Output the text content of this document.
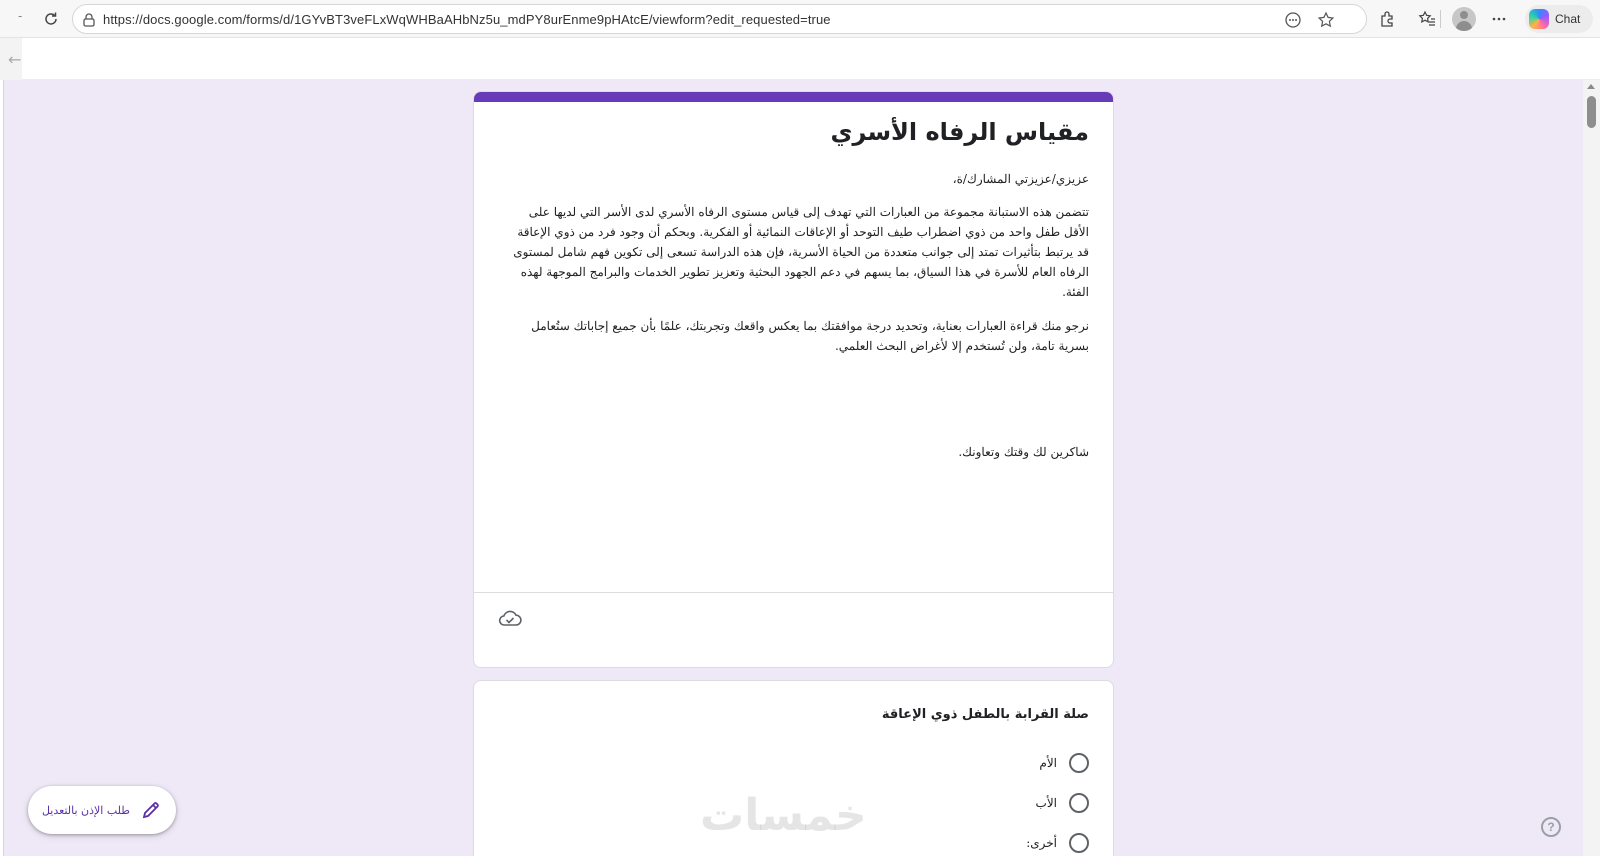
-	https://docs.google.com/forms/d/1GYvBT3veFLxWqWHBaAHbNz5u_mdPY8urEnme9pHAtcE/viewform?edit_requested=true	Chat
←
مقياس الرفاه الأسري
عزيزي/عزيزتي المشارك/ة،
تتضمن هذه الاستبانة مجموعة من العبارات التي تهدف إلى قياس مستوى الرفاه الأسري لدى الأسر التي لديها على الأقل طفل واحد من ذوي اضطراب طيف التوحد أو الإعاقات النمائية أو الفكرية. وبحكم أن وجود فرد من ذوي الإعاقة قد يرتبط بتأثيرات تمتد إلى جوانب متعددة من الحياة الأسرية، فإن هذه الدراسة تسعى إلى تكوين فهم شامل لمستوى الرفاه العام للأسرة في هذا السياق، بما يسهم في دعم الجهود البحثية وتعزيز تطوير الخدمات والبرامج الموجهة لهذه الفئة.
نرجو منك قراءة العبارات بعناية، وتحديد درجة موافقتك بما يعكس واقعك وتجربتك، علمًا بأن جميع إجاباتك ستُعامل بسرية تامة، ولن تُستخدم إلا لأغراض البحث العلمي.
شاكرين لك وقتك وتعاونك.
صلة القرابة بالطفل ذوي الإعاقة
الأم
الأب
أخرى:
خمسات
طلب الإذن بالتعديل
?
